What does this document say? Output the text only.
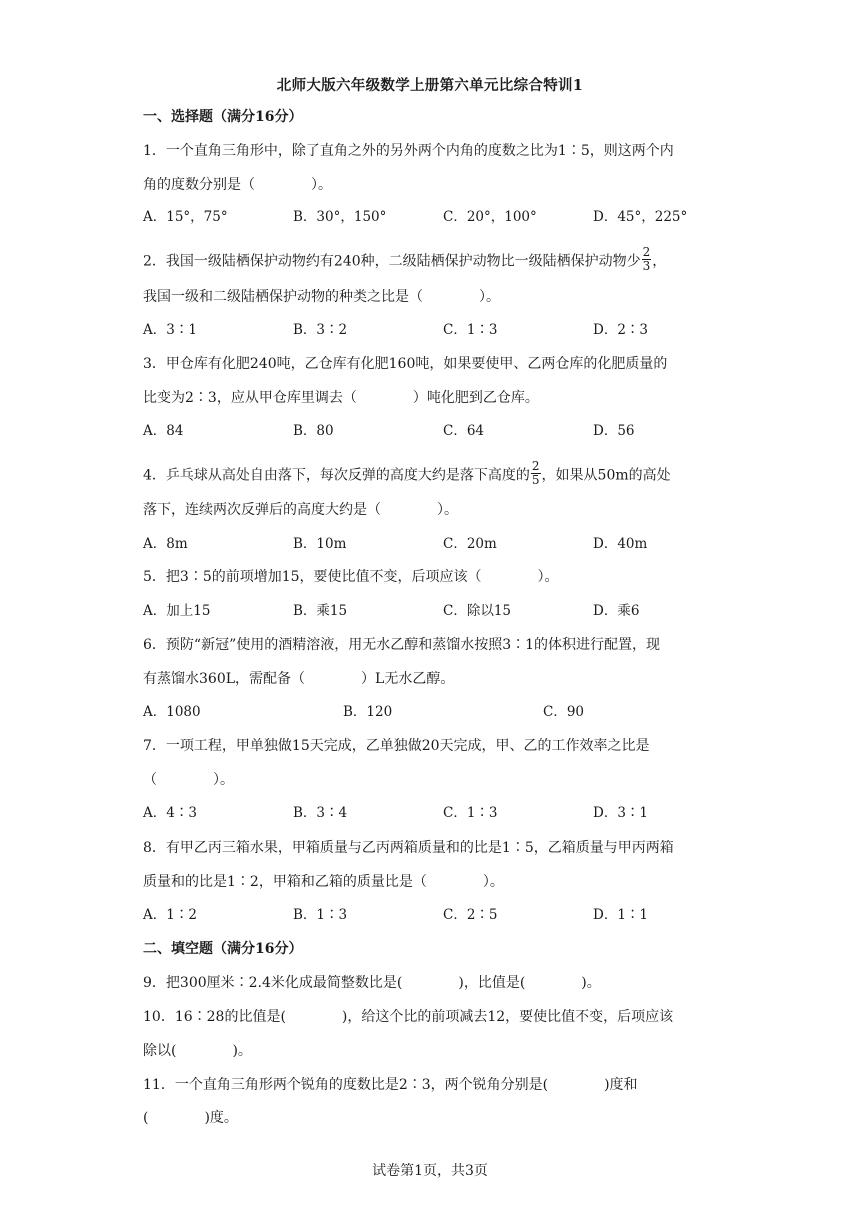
北师大版六年级数学上册第六单元比综合特训1
一、选择题（满分16分）
1．一个直角三角形中，除了直角之外的另外两个内角的度数之比为1∶5，则这两个内
角的度数分别是（　　　　）。
A．15°，75°	B．30°，150°	C．20°，100°	D．45°，225°
2．我国一级陆栖保护动物约有240种，二级陆栖保护动物比一级陆栖保护动物少 $\frac{2}{3}$ ，
我国一级和二级陆栖保护动物的种类之比是（　　　　）。
A．3∶1	B．3∶2	C．1∶3	D．2∶3
3．甲仓库有化肥240吨，乙仓库有化肥160吨，如果要使甲、乙两仓库的化肥质量的
比变为2∶3，应从甲仓库里调去（　　　　）吨化肥到乙仓库。
A．84	B．80	C．64	D．56
4．乒乓球从高处自由落下，每次反弹的高度大约是落下高度的 $\frac{2}{5}$ ，如果从50m的高处
落下，连续两次反弹后的高度大约是（　　　　）。
A．8m	B．10m	C．20m	D．40m
5．把3∶5的前项增加15，要使比值不变，后项应该（　　　　）。
A．加上15	B．乘15	C．除以15	D．乘6
6．预防“新冠”使用的酒精溶液，用无水乙醇和蒸馏水按照3∶1的体积进行配置，现
有蒸馏水360L，需配备（　　　　）L无水乙醇。
A．1080	B．120	C．90
7．一项工程，甲单独做15天完成，乙单独做20天完成，甲、乙的工作效率之比是
（　　　　）。
A．4∶3	B．3∶4	C．1∶3	D．3∶1
8．有甲乙丙三箱水果，甲箱质量与乙丙两箱质量和的比是1∶5，乙箱质量与甲丙两箱
质量和的比是1∶2，甲箱和乙箱的质量比是（　　　　）。
A．1∶2	B．1∶3	C．2∶5	D．1∶1
二、填空题（满分16分）
9．把300厘米∶2.4米化成最简整数比是(　　　　)，比值是(　　　　)。
10．16∶28的比值是(　　　　)，给这个比的前项减去12，要使比值不变，后项应该
除以(　　　　)。
11．一个直角三角形两个锐角的度数比是2∶3，两个锐角分别是(　　　　)度和
(　　　　)度。
试卷第1页，共3页
